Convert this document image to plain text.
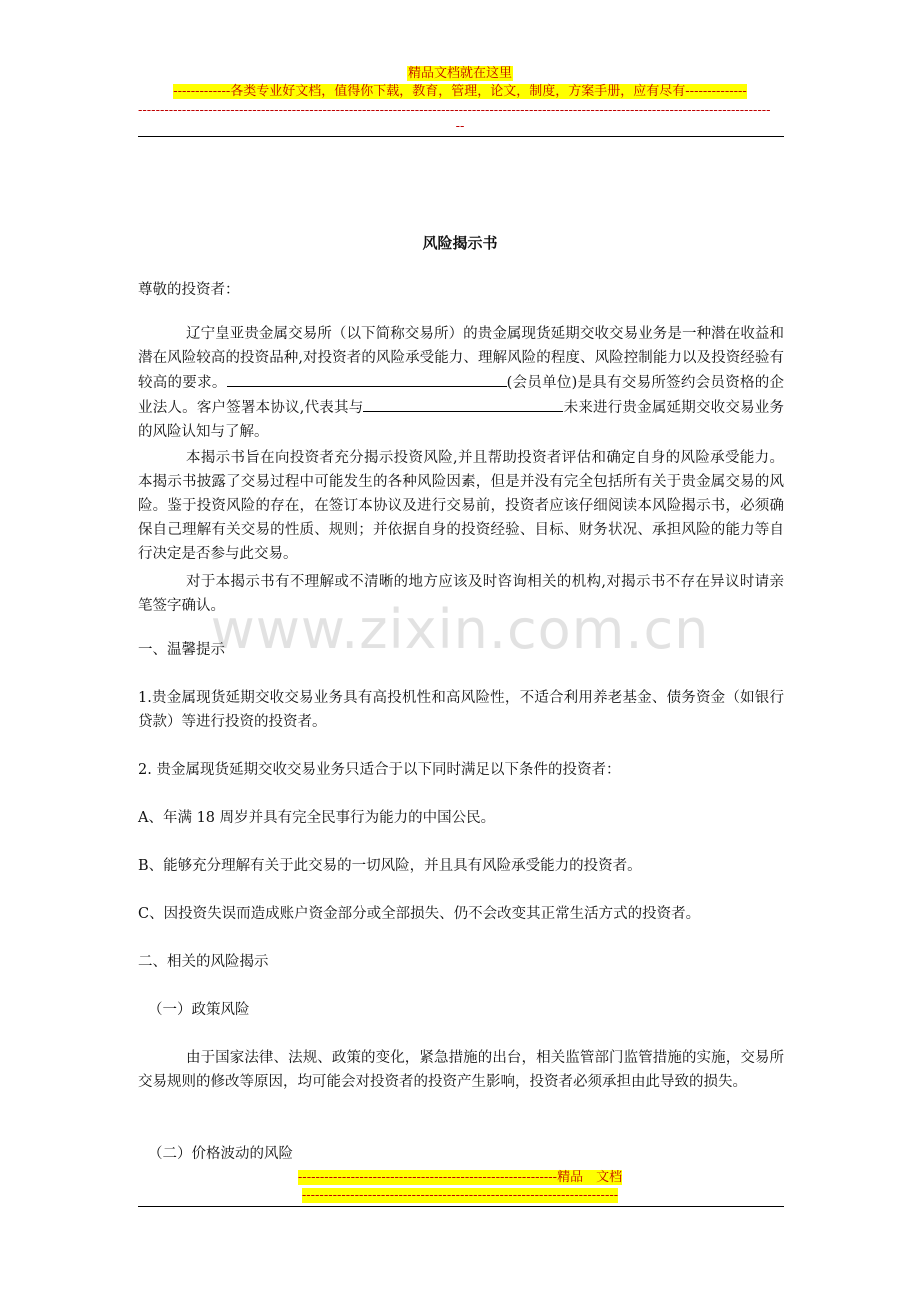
精品文档就在这里
-------------各类专业好文档，值得你下载，教育，管理，论文，制度，方案手册，应有尽有--------------
------------------------------------------------------------------------------------------------------------------------------------------------
--
风险揭示书
尊敬的投资者：
辽宁皇亚贵金属交易所（以下简称交易所）的贵金属现货延期交收交易业务是一种潜在收益和潜在风险较高的投资品种,对投资者的风险承受能力、理解风险的程度、风险控制能力以及投资经验有较高的要求。	(会员单位)是具有交易所签约会员资格的企业法人。客户签署本协议,代表其与	未来进行贵金属延期交收交易业务的风险认知与了解。
本揭示书旨在向投资者充分揭示投资风险,并且帮助投资者评估和确定自身的风险承受能力。本揭示书披露了交易过程中可能发生的各种风险因素，但是并没有完全包括所有关于贵金属交易的风险。鉴于投资风险的存在，在签订本协议及进行交易前，投资者应该仔细阅读本风险揭示书，必须确保自己理解有关交易的性质、规则；并依据自身的投资经验、目标、财务状况、承担风险的能力等自行决定是否参与此交易。
对于本揭示书有不理解或不清晰的地方应该及时咨询相关的机构,对揭示书不存在异议时请亲笔签字确认。
www.zixin.com.cn
一、温馨提示
1.贵金属现货延期交收交易业务具有高投机性和高风险性，不适合利用养老基金、债务资金（如银行贷款）等进行投资的投资者。
2. 贵金属现货延期交收交易业务只适合于以下同时满足以下条件的投资者：
A、年满 18 周岁并具有完全民事行为能力的中国公民。
B、能够充分理解有关于此交易的一切风险，并且具有风险承受能力的投资者。
C、因投资失误而造成账户资金部分或全部损失、仍不会改变其正常生活方式的投资者。
二、相关的风险揭示
（一）政策风险
由于国家法律、法规、政策的变化，紧急措施的出台，相关监管部门监管措施的实施，交易所交易规则的修改等原因，均可能会对投资者的投资产生影响，投资者必须承担由此导致的损失。
（二）价格波动的风险
-----------------------------------------------------------精品　文档
------------------------------------------------------------------------
